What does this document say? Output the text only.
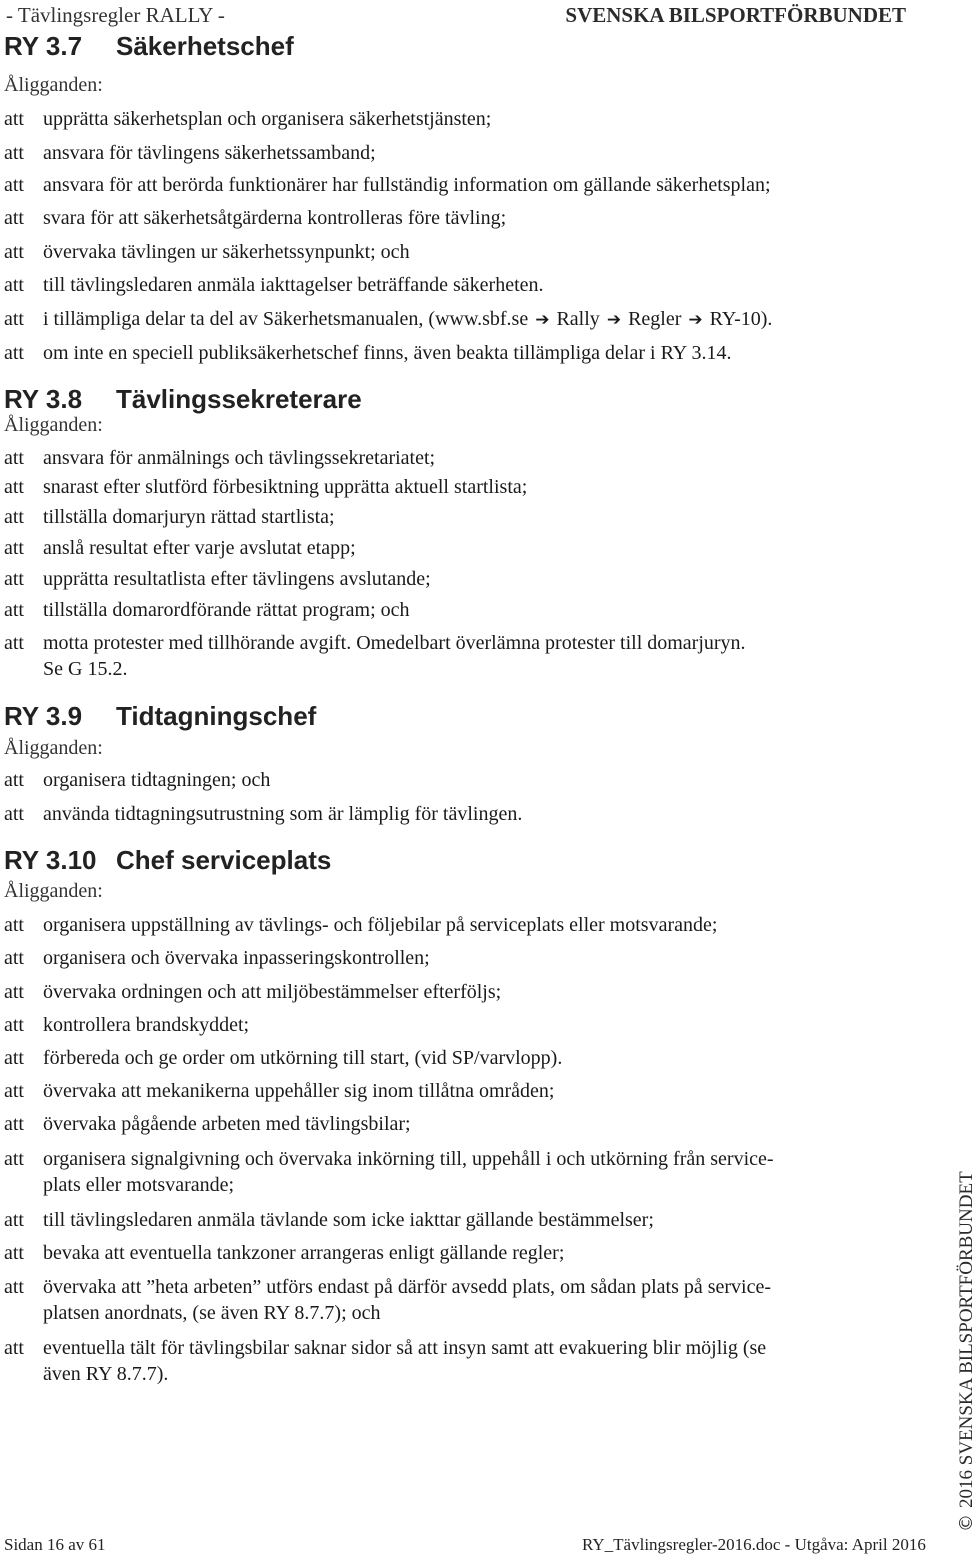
- Tävlingsregler RALLY -	SVENSKA BILSPORTFÖRBUNDET
RY 3.7 Säkerhetschef
Åligganden:
att upprätta säkerhetsplan och organisera säkerhetstjänsten;
att ansvara för tävlingens säkerhetssamband;
att ansvara för att berörda funktionärer har fullständig information om gällande säkerhetsplan;
att svara för att säkerhetsåtgärderna kontrolleras före tävling;
att övervaka tävlingen ur säkerhetssynpunkt; och
att till tävlingsledaren anmäla iakttagelser beträffande säkerheten.
att i tillämpliga delar ta del av Säkerhetsmanualen, (www.sbf.se ➔ Rally ➔ Regler ➔ RY-10).
att om inte en speciell publiksäkerhetschef finns, även beakta tillämpliga delar i RY 3.14.
RY 3.8 Tävlingssekreterare
Åligganden:
att ansvara för anmälnings och tävlingssekretariatet;
att snarast efter slutförd förbesiktning upprätta aktuell startlista;
att tillställa domarjuryn rättad startlista;
att anslå resultat efter varje avslutat etapp;
att upprätta resultatlista efter tävlingens avslutande;
att tillställa domarordförande rättat program; och
att motta protester med tillhörande avgift. Omedelbart överlämna protester till domarjuryn.
Se G 15.2.
RY 3.9 Tidtagningschef
Åligganden:
att organisera tidtagningen; och
att använda tidtagningsutrustning som är lämplig för tävlingen.
RY 3.10 Chef serviceplats
Åligganden:
att organisera uppställning av tävlings- och följebilar på serviceplats eller motsvarande;
att organisera och övervaka inpasseringskontrollen;
att övervaka ordningen och att miljöbestämmelser efterföljs;
att kontrollera brandskyddet;
att förbereda och ge order om utkörning till start, (vid SP/varvlopp).
att övervaka att mekanikerna uppehåller sig inom tillåtna områden;
att övervaka pågående arbeten med tävlingsbilar;
att organisera signalgivning och övervaka inkörning till, uppehåll i och utkörning från service-
plats eller motsvarande;
att till tävlingsledaren anmäla tävlande som icke iakttar gällande bestämmelser;
att bevaka att eventuella tankzoner arrangeras enligt gällande regler;
att övervaka att ”heta arbeten” utförs endast på därför avsedd plats, om sådan plats på service-
platsen anordnats, (se även RY 8.7.7); och
att eventuella tält för tävlingsbilar saknar sidor så att insyn samt att evakuering blir möjlig (se
även RY 8.7.7).
©2016 SVENSKA BILSPORTFÖRBUNDET
Sidan 16 av 61	RY_Tävlingsregler-2016.doc - Utgåva: April 2016
